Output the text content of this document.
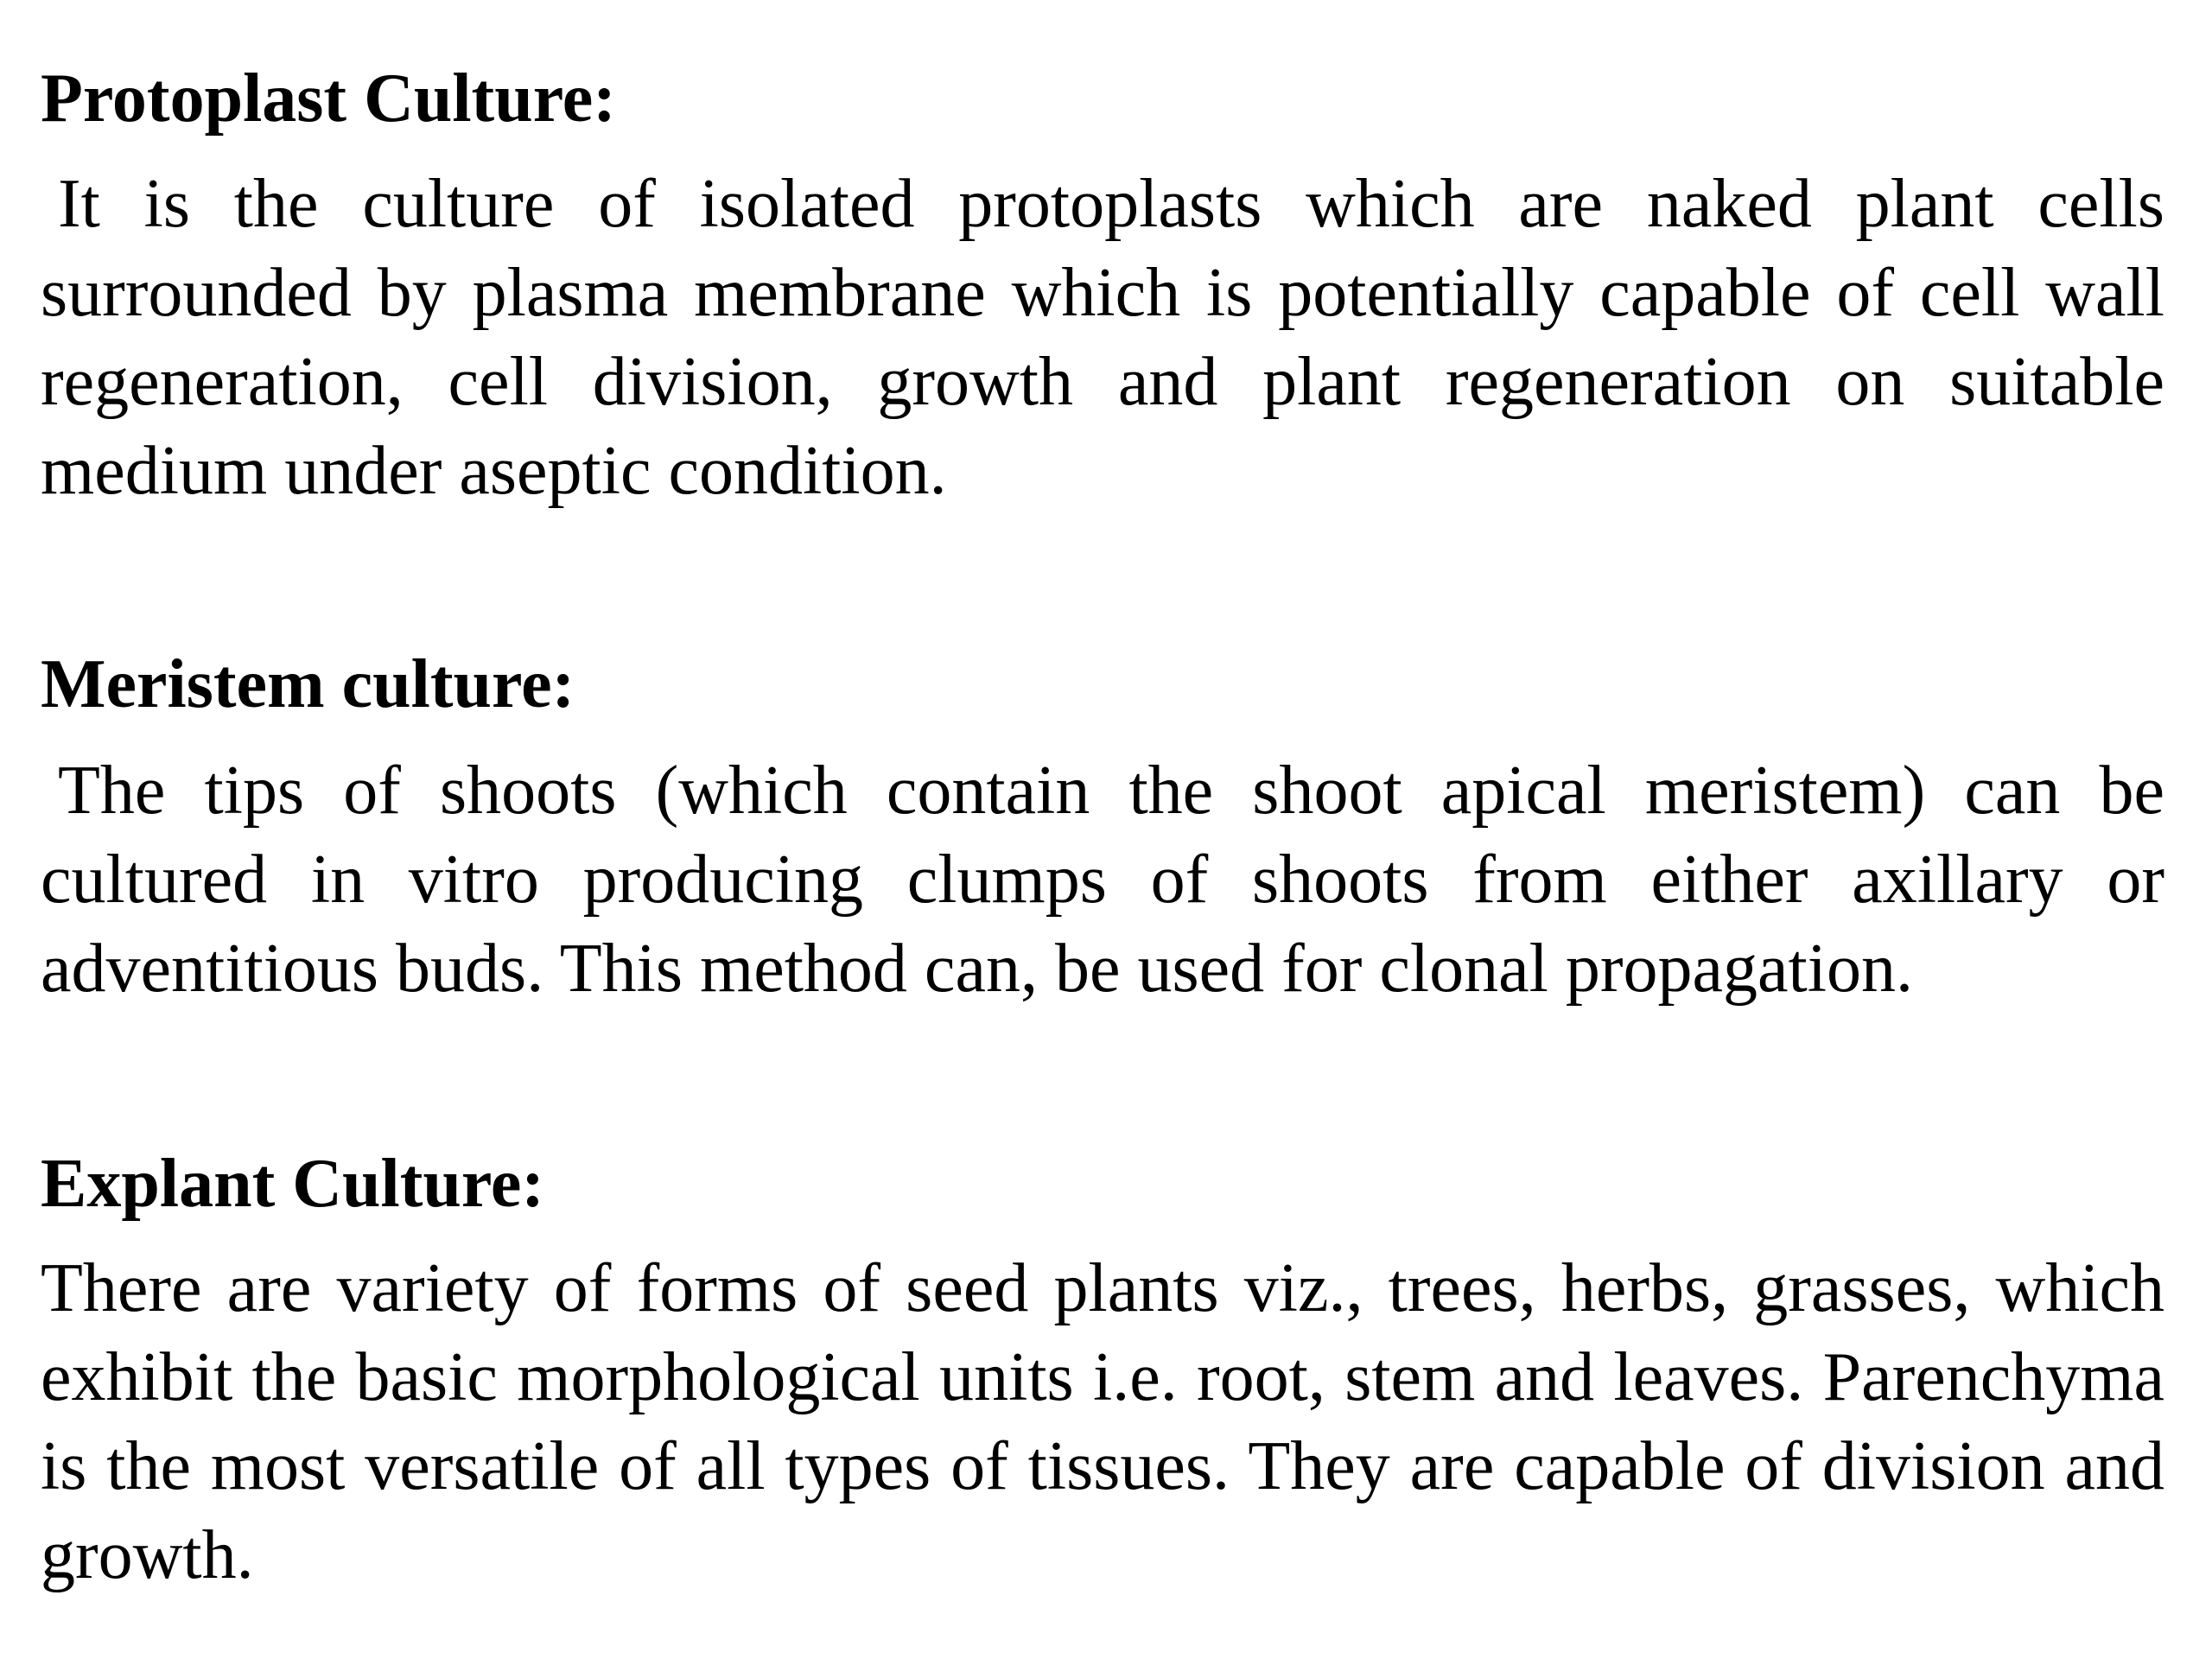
Protoplast Culture:

It is the culture of isolated protoplasts which are naked plant cells surrounded by plasma membrane which is potentially capable of cell wall regeneration, cell division, growth and plant regeneration on suitable medium under aseptic condition.

Meristem culture:

The tips of shoots (which contain the shoot apical meristem) can be cultured in vitro producing clumps of shoots from either axillary or adventitious buds. This method can, be used for clonal propagation.

Explant Culture:

There are variety of forms of seed plants viz., trees, herbs, grasses, which exhibit the basic morphological units i.e. root, stem and leaves. Parenchyma is the most versatile of all types of tissues. They are capable of division and growth.
